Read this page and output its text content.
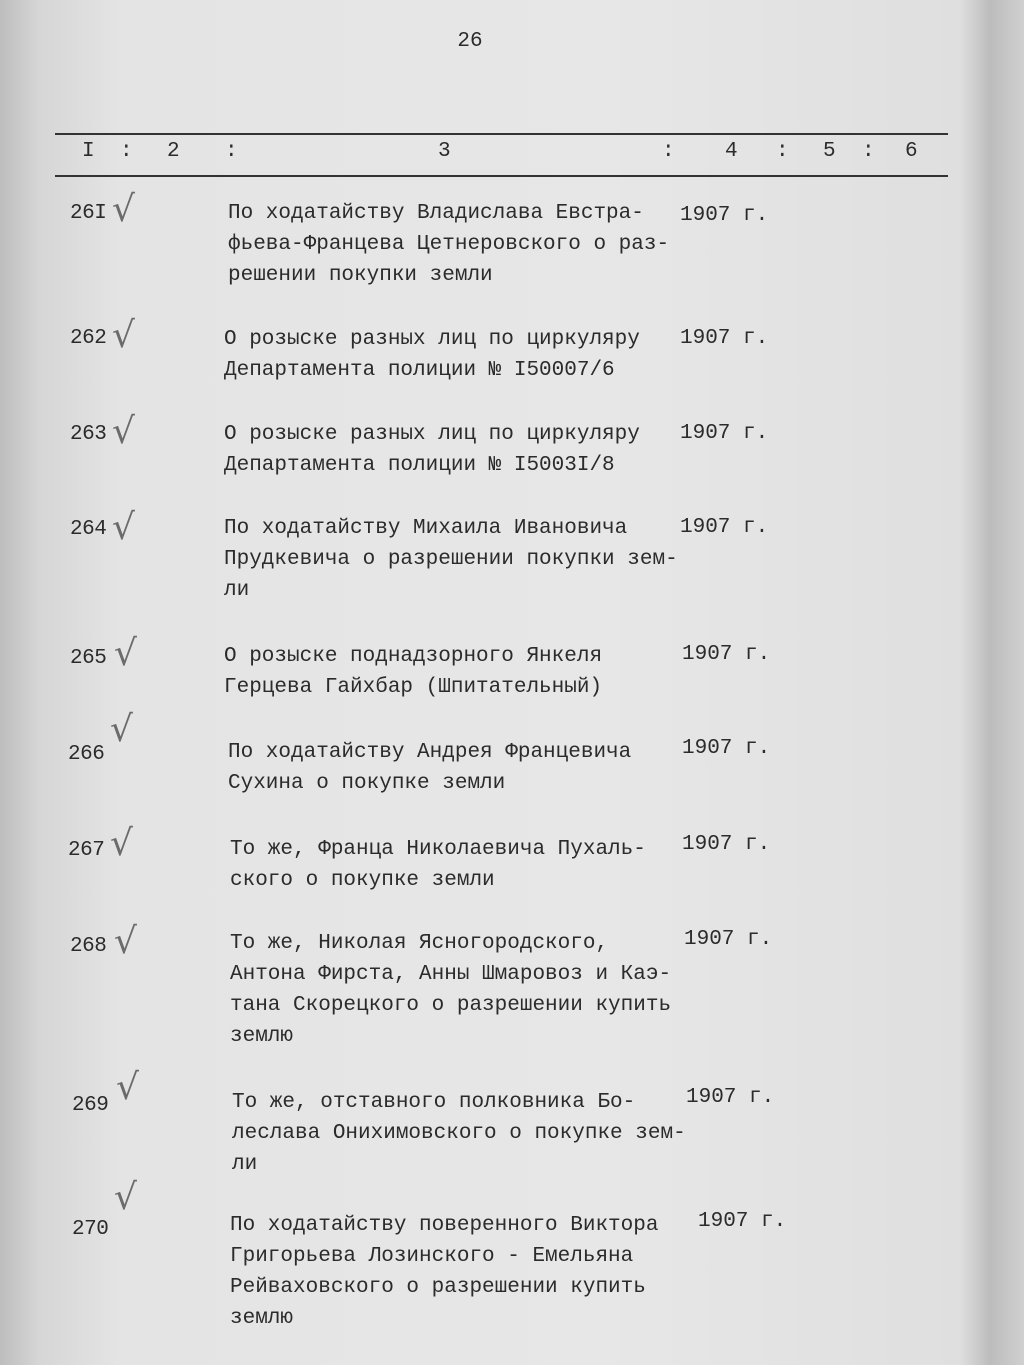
26
I : 2 :	3	: 4 : 5 : 6
26I √	По ходатайству Владислава Евстра-
фьева-Францева Цетнеровского о раз-
решении покупки земли
1907 г.
262 √	О розыске разных лиц по циркуляру
Департамента полиции № I50007/6
1907 г.
263 √	О розыске разных лиц по циркуляру
Департамента полиции № I5003I/8
1907 г.
264 √	По ходатайству Михаила Ивановича
Прудкевича о разрешении покупки зем-
ли
1907 г.
265 √	О розыске поднадзорного Янкеля
Герцева Гайхбар (Шпитательный)
1907 г.
266
√
По ходатайству Андрея Францевича
Сухина о покупке земли
1907 г.
267 √	То же, Франца Николаевича Пухаль-
ского о покупке земли
1907 г.
268 √	То же, Николая Ясногородского,
Антона Фирста, Анны Шмаровоз и Каэ-
тана Скорецкого о разрешении купить
землю
1907 г.
269 √	То же, отставного полковника Бо-
леслава Онихимовского о покупке зем-
ли
1907 г.
270
√
По ходатайству поверенного Виктора
Григорьева Лозинского - Емельяна
Рейваховского о разрешении купить
землю
1907 г.
